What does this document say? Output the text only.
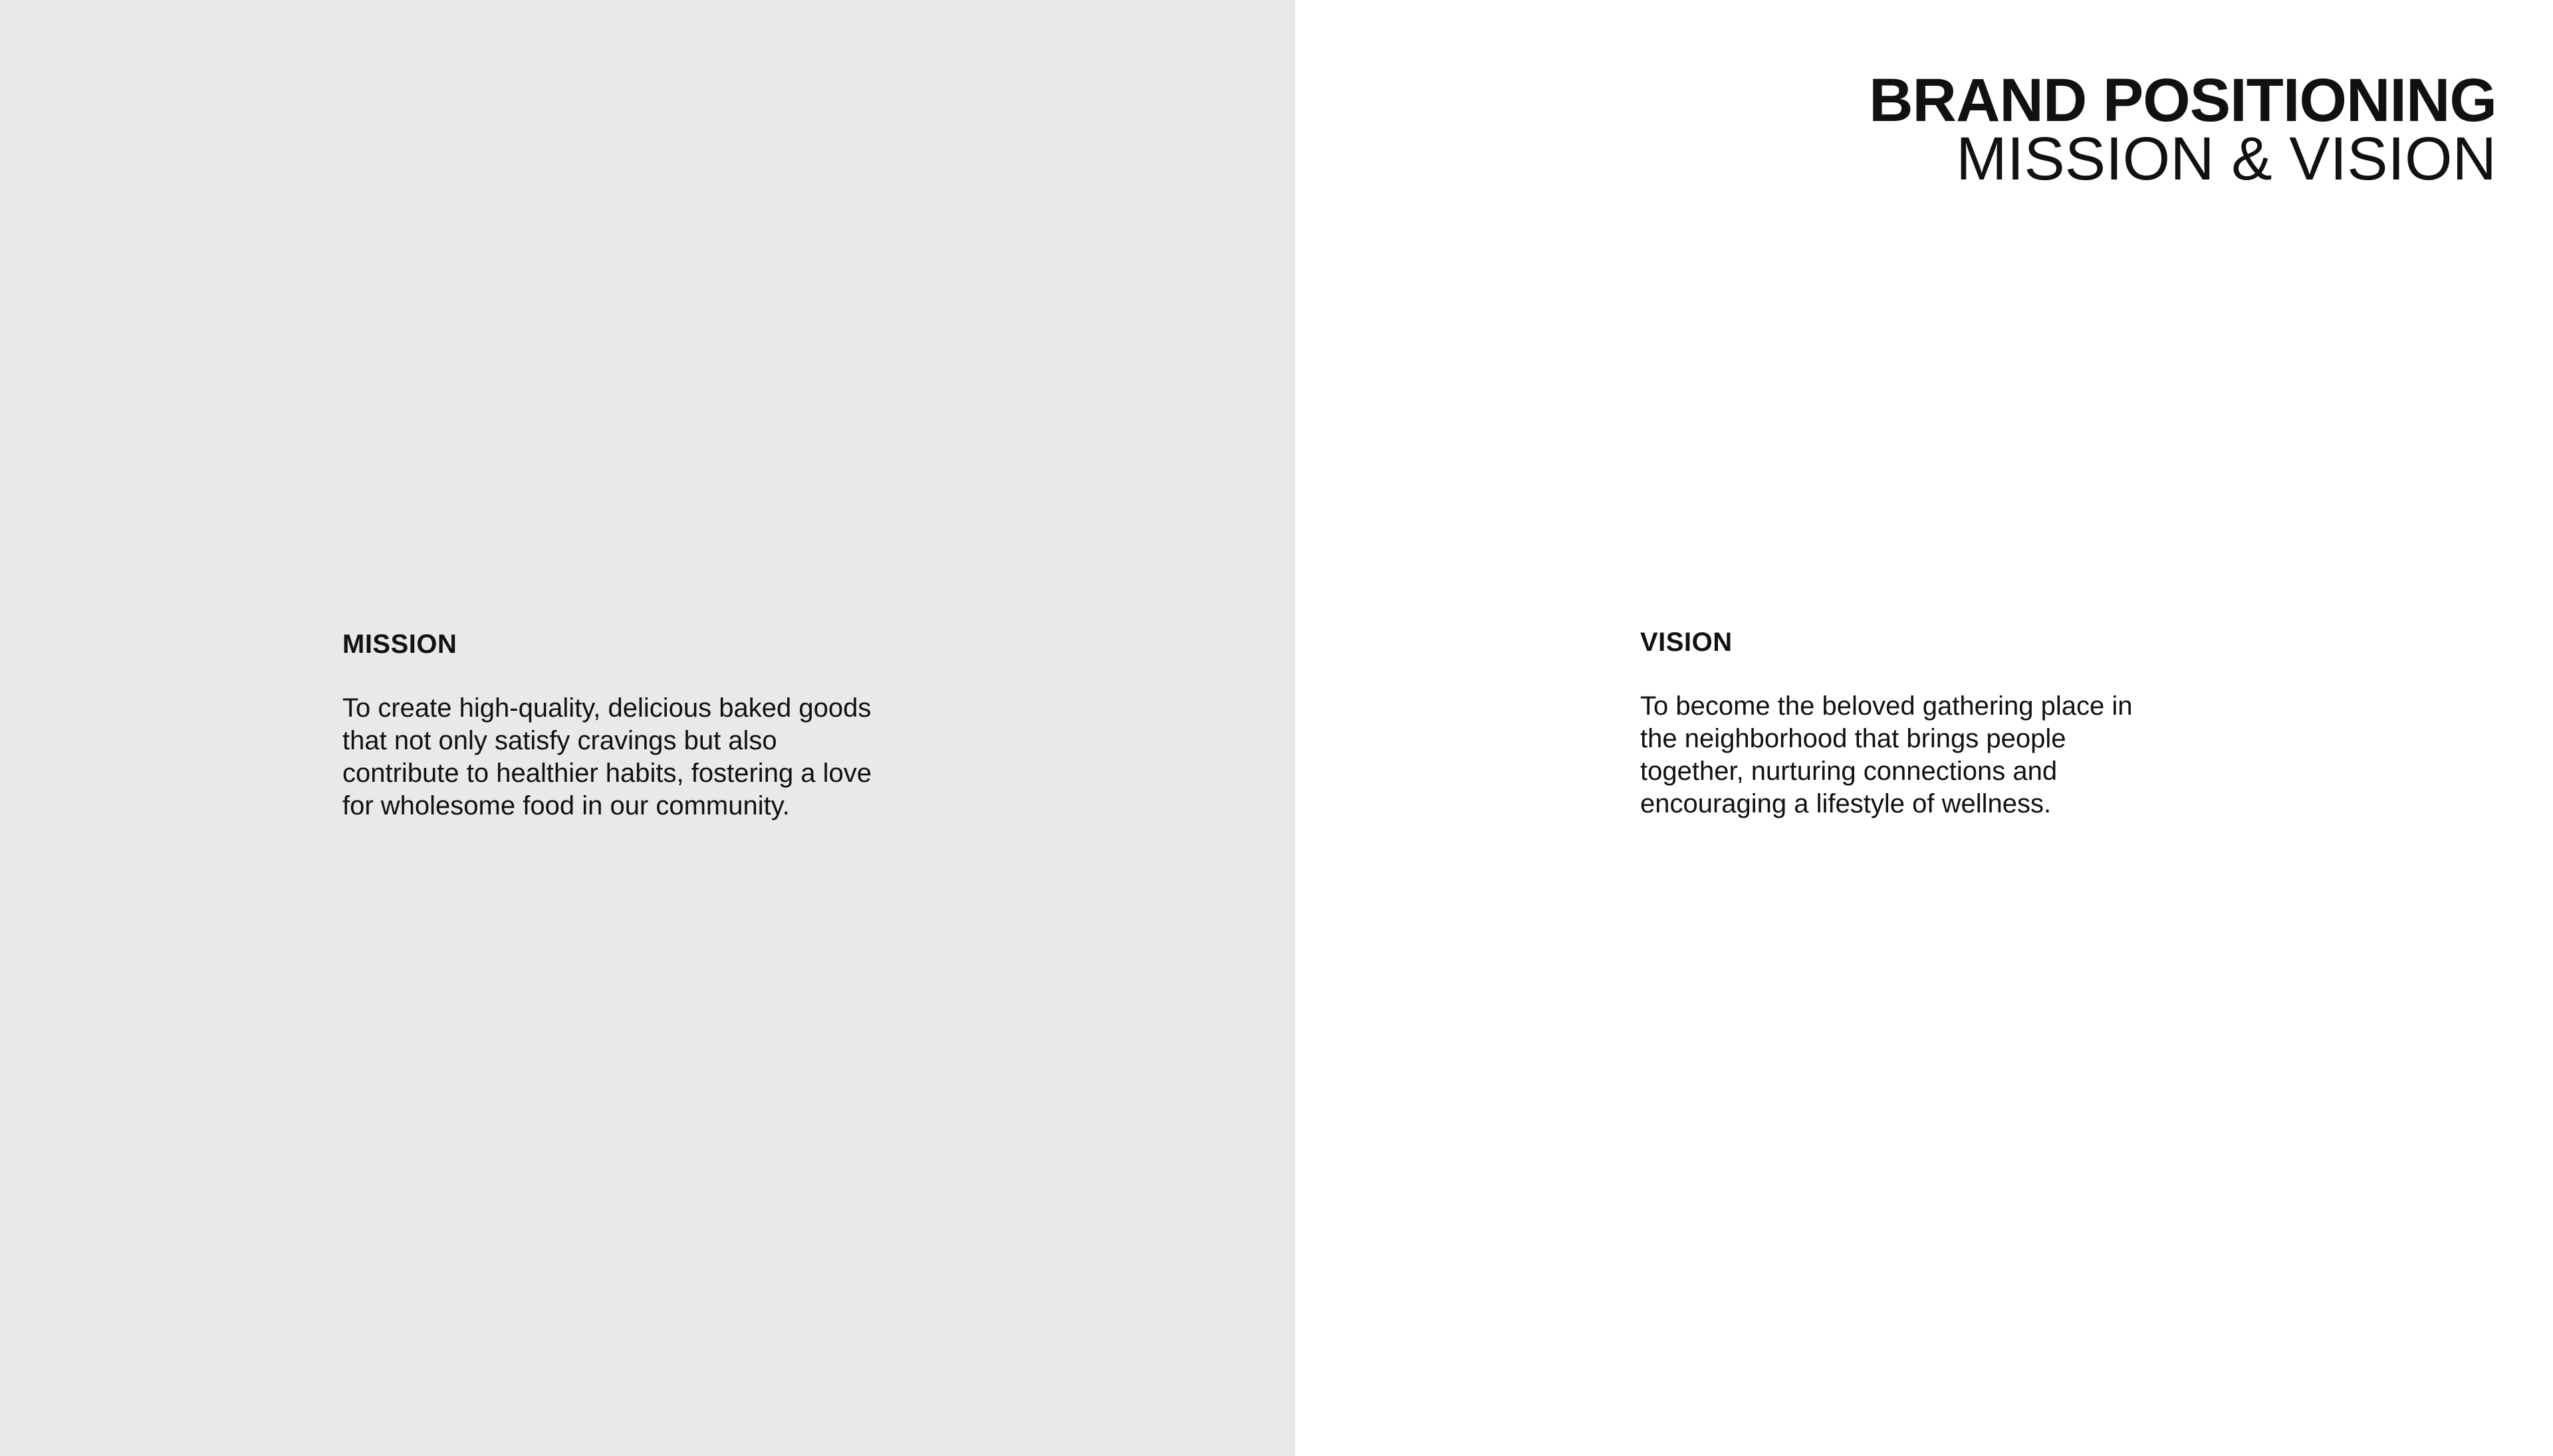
BRAND POSITIONING
MISSION & VISION
MISSION

To create high-quality, delicious baked goods
that not only satisfy cravings but also
contribute to healthier habits, fostering a love
for wholesome food in our community.

VISION

To become the beloved gathering place in
the neighborhood that brings people
together, nurturing connections and
encouraging a lifestyle of wellness.
